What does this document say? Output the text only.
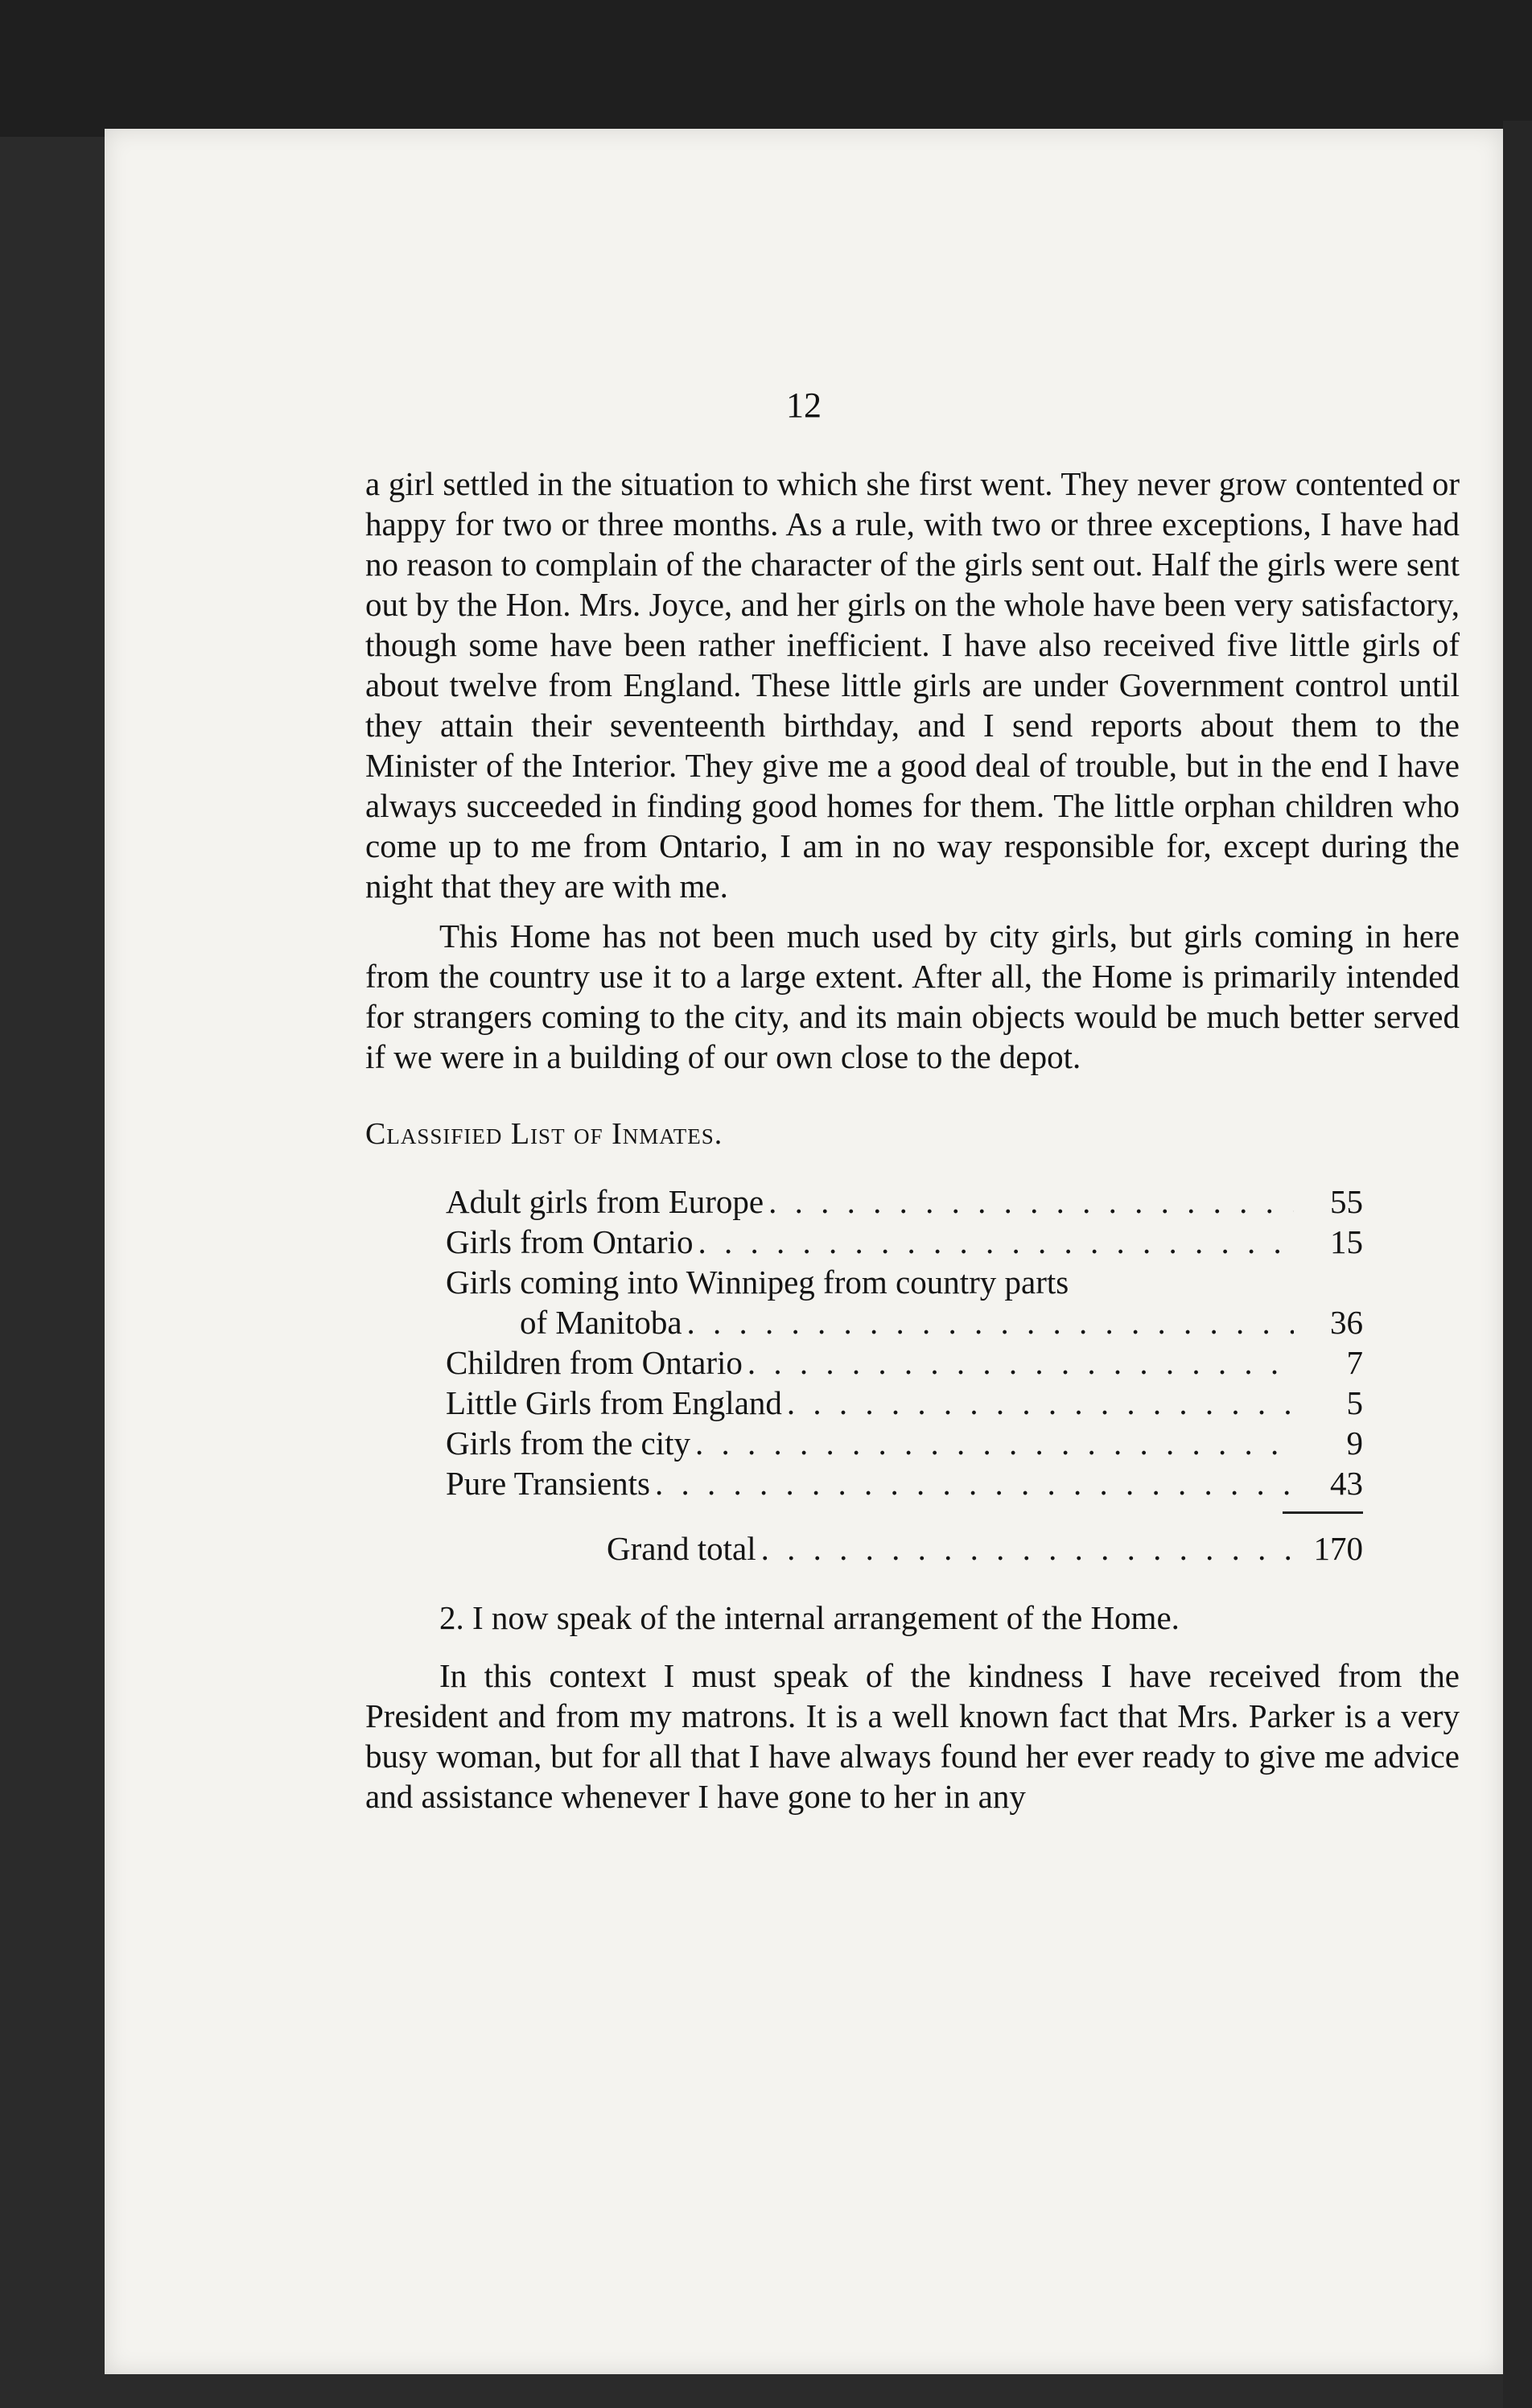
12

a girl settled in the situation to which she first went. They never grow contented or happy for two or three months. As a rule, with two or three exceptions, I have had no reason to complain of the character of the girls sent out. Half the girls were sent out by the Hon. Mrs. Joyce, and her girls on the whole have been very satisfactory, though some have been rather inefficient. I have also received five little girls of about twelve from England. These little girls are under Government control until they attain their seventeenth birthday, and I send reports about them to the Minister of the Interior. They give me a good deal of trouble, but in the end I have always succeeded in finding good homes for them. The little orphan children who come up to me from Ontario, I am in no way responsible for, except during the night that they are with me.

This Home has not been much used by city girls, but girls coming in here from the country use it to a large extent. After all, the Home is primarily intended for strangers coming to the city, and its main objects would be much better served if we were in a building of our own close to the depot.

Classified List of Inmates.

Adult girls from Europe . . .	55
Girls from Ontario . . .	15
Girls coming into Winnipeg from country parts
of Manitoba . . .	36
Children from Ontario . . .	7
Little Girls from England . . .	5
Girls from the city . . .	9
Pure Transients . . .	43
Grand total . . .	170

2. I now speak of the internal arrangement of the Home.

In this context I must speak of the kindness I have received from the President and from my matrons. It is a well known fact that Mrs. Parker is a very busy woman, but for all that I have always found her ever ready to give me advice and assistance whenever I have gone to her in any
